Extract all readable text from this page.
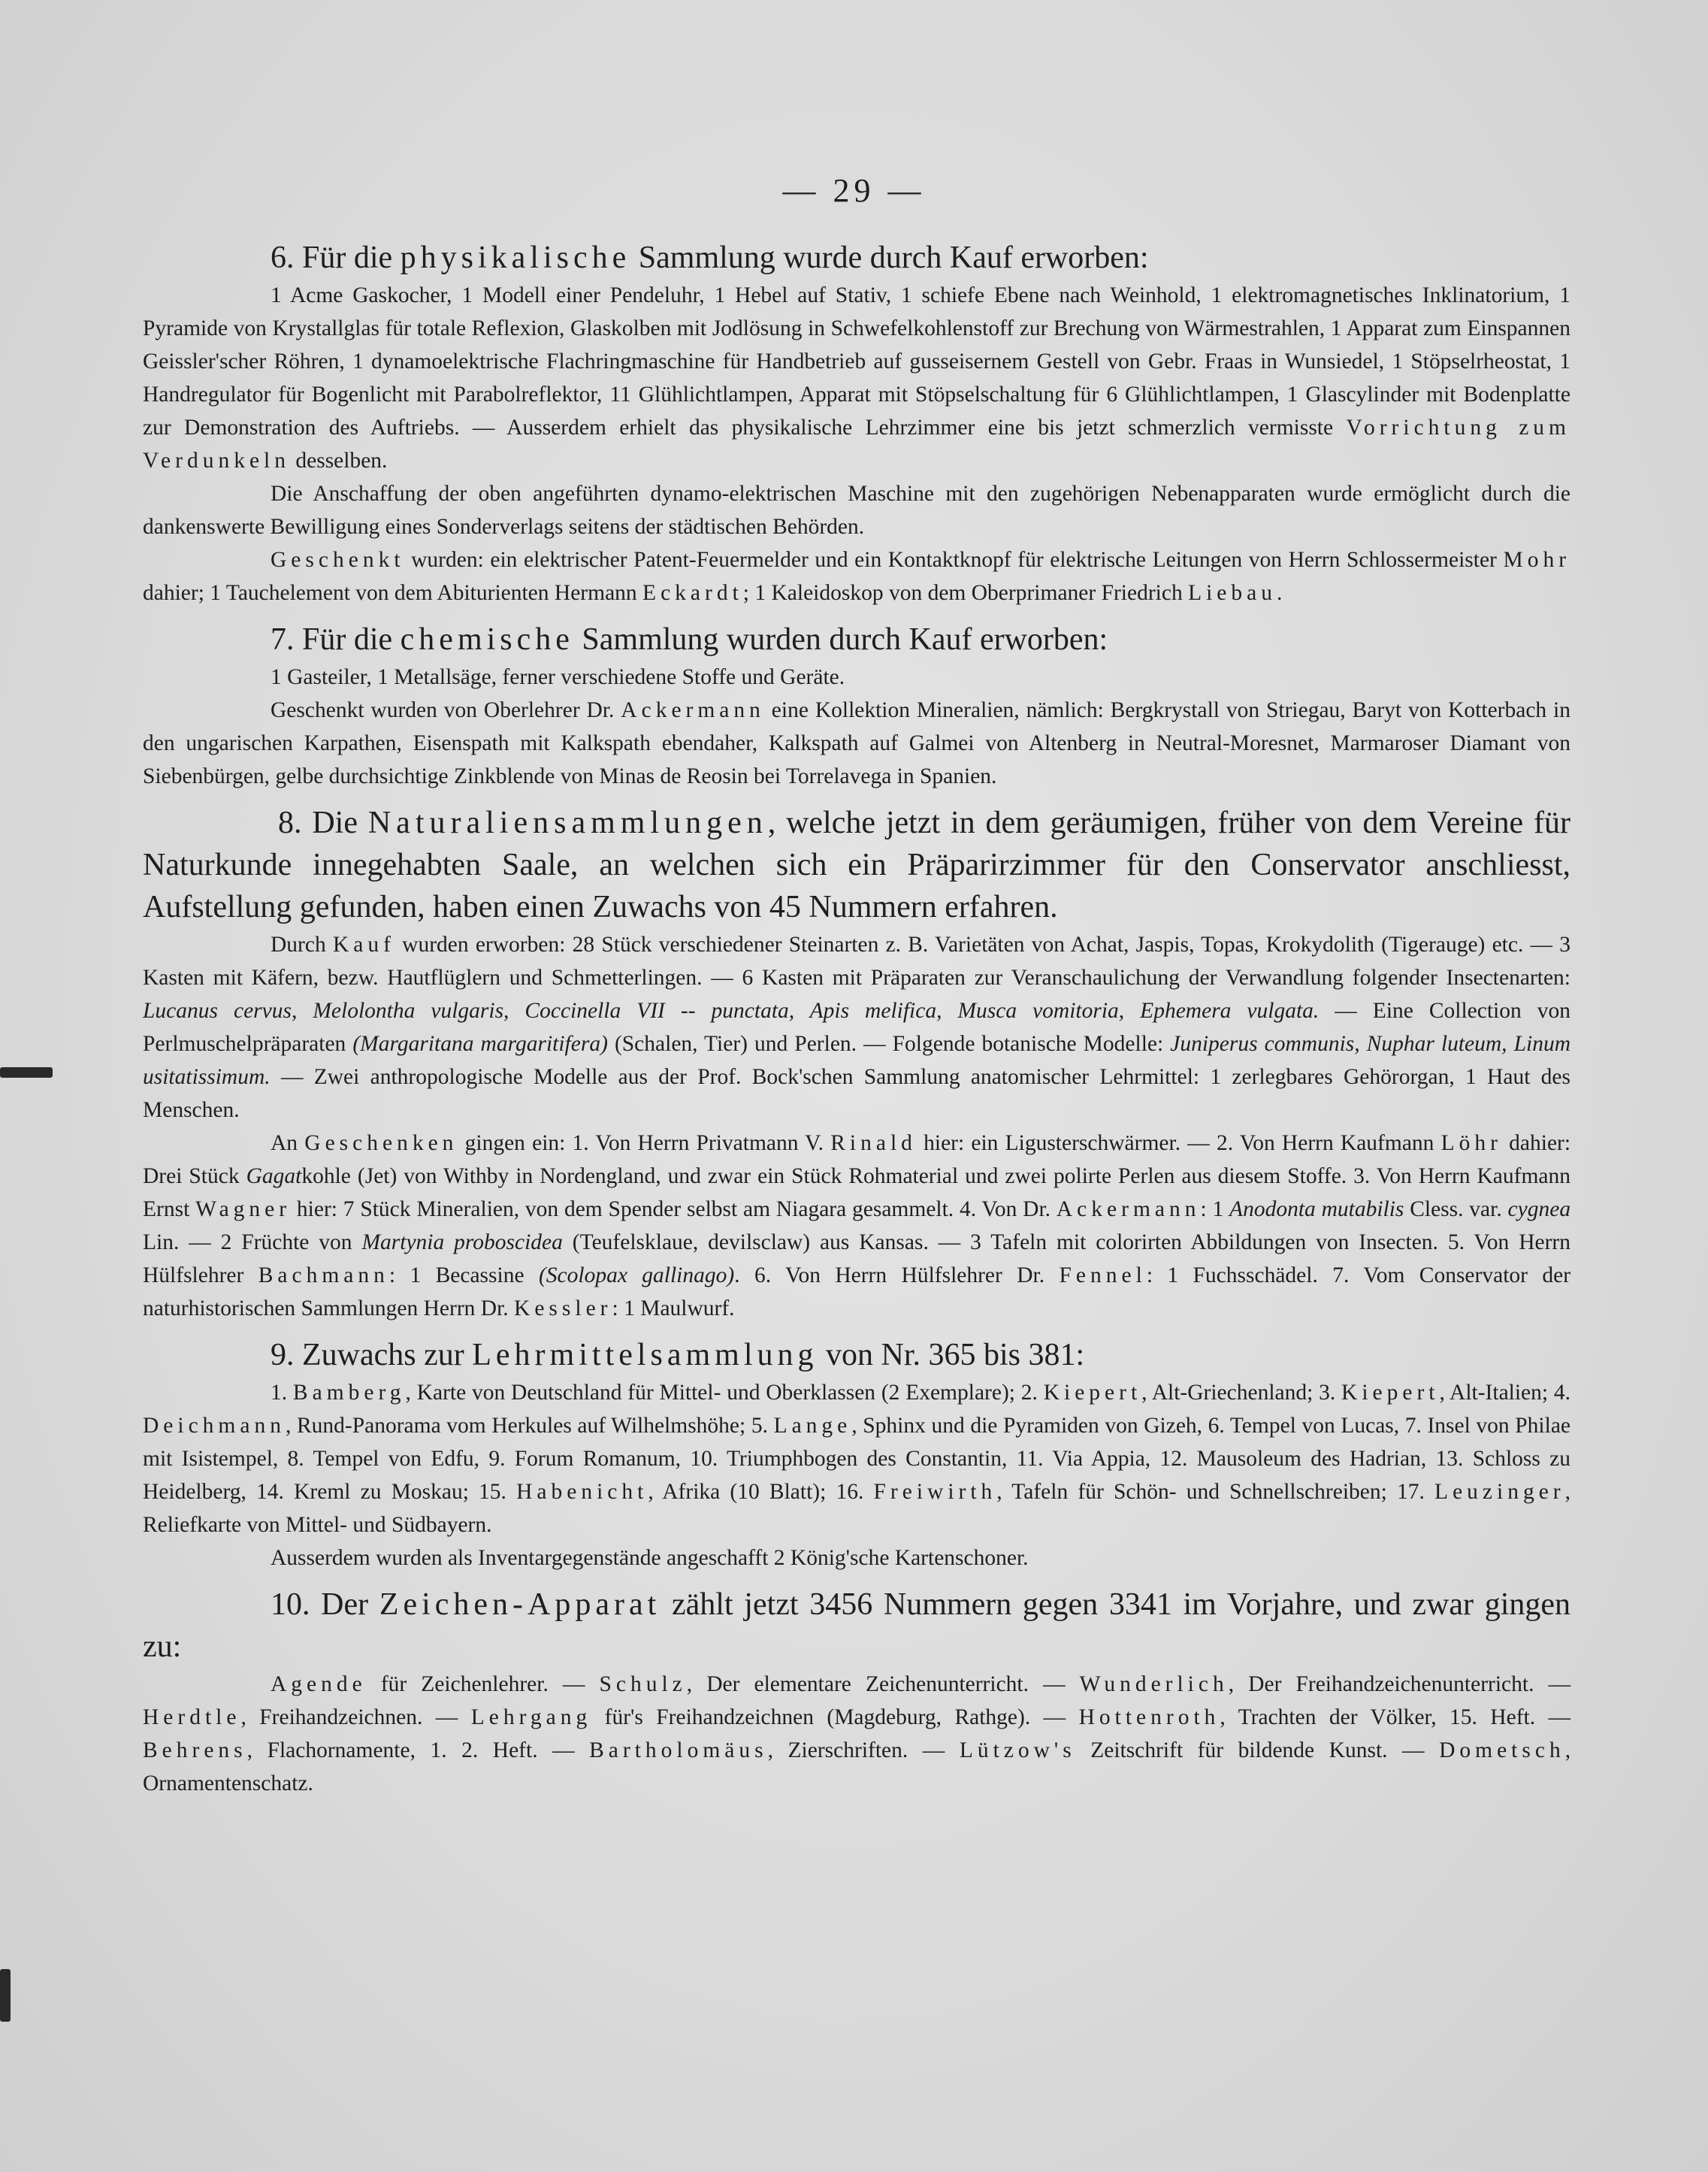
— 29 —

6. Für die physikalische Sammlung wurde durch Kauf erworben:

1 Acme Gaskocher, 1 Modell einer Pendeluhr, 1 Hebel auf Stativ, 1 schiefe Ebene nach Weinhold, 1 elektromagnetisches Inklinatorium, 1 Pyramide von Krystallglas für totale Reflexion, Glaskolben mit Jodlösung in Schwefelkohlenstoff zur Brechung von Wärmestrahlen, 1 Apparat zum Einspannen Geissler'scher Röhren, 1 dynamoelektrische Flachringmaschine für Handbetrieb auf gusseisernem Gestell von Gebr. Fraas in Wunsiedel, 1 Stöpselrheostat, 1 Handregulator für Bogenlicht mit Parabolreflektor, 11 Glühlichtlampen, Apparat mit Stöpselschaltung für 6 Glühlichtlampen, 1 Glascylinder mit Bodenplatte zur Demonstration des Auftriebs. — Ausserdem erhielt das physikalische Lehrzimmer eine bis jetzt schmerzlich vermisste Vorrichtung zum Verdunkeln desselben.

Die Anschaffung der oben angeführten dynamo-elektrischen Maschine mit den zugehörigen Nebenapparaten wurde ermöglicht durch die dankenswerte Bewilligung eines Sonderverlags seitens der städtischen Behörden.

Geschenkt wurden: ein elektrischer Patent-Feuermelder und ein Kontaktknopf für elektrische Leitungen von Herrn Schlossermeister Mohr dahier; 1 Tauchelement von dem Abiturienten Hermann Eckardt; 1 Kaleidoskop von dem Oberprimaner Friedrich Liebau.

7. Für die chemische Sammlung wurden durch Kauf erworben:

1 Gasteiler, 1 Metallsäge, ferner verschiedene Stoffe und Geräte.

Geschenkt wurden von Oberlehrer Dr. Ackermann eine Kollektion Mineralien, nämlich: Bergkrystall von Striegau, Baryt von Kotterbach in den ungarischen Karpathen, Eisenspath mit Kalkspath ebendaher, Kalkspath auf Galmei von Altenberg in Neutral-Moresnet, Marmaroser Diamant von Siebenbürgen, gelbe durchsichtige Zinkblende von Minas de Reosin bei Torrelavega in Spanien.

8. Die Naturaliensammlungen, welche jetzt in dem geräumigen, früher von dem Vereine für Naturkunde innegehabten Saale, an welchen sich ein Präparirzimmer für den Conservator anschliesst, Aufstellung gefunden, haben einen Zuwachs von 45 Nummern erfahren.

Durch Kauf wurden erworben: 28 Stück verschiedener Steinarten z. B. Varietäten von Achat, Jaspis, Topas, Krokydolith (Tigerauge) etc. — 3 Kasten mit Käfern, bezw. Hautflüglern und Schmetterlingen. — 6 Kasten mit Präparaten zur Veranschaulichung der Verwandlung folgender Insectenarten: Lucanus cervus, Melolontha vulgaris, Coccinella VII -- punctata, Apis melifica, Musca vomitoria, Ephemera vulgata. — Eine Collection von Perlmuschelpräparaten (Margaritana margaritifera) (Schalen, Tier) und Perlen. — Folgende botanische Modelle: Juniperus communis, Nuphar luteum, Linum usitatissimum. — Zwei anthropologische Modelle aus der Prof. Bock'schen Sammlung anatomischer Lehrmittel: 1 zerlegbares Gehörorgan, 1 Haut des Menschen.

An Geschenken gingen ein: 1. Von Herrn Privatmann V. Rinald hier: ein Ligusterschwärmer. — 2. Von Herrn Kaufmann Löhr dahier: Drei Stück Gagatkohle (Jet) von Withby in Nordengland, und zwar ein Stück Rohmaterial und zwei polirte Perlen aus diesem Stoffe. 3. Von Herrn Kaufmann Ernst Wagner hier: 7 Stück Mineralien, von dem Spender selbst am Niagara gesammelt. 4. Von Dr. Ackermann: 1 Anodonta mutabilis Cless. var. cygnea Lin. — 2 Früchte von Martynia proboscidea (Teufelsklaue, devilsclaw) aus Kansas. — 3 Tafeln mit colorirten Abbildungen von Insecten. 5. Von Herrn Hülfslehrer Bachmann: 1 Becassine (Scolopax gallinago). 6. Von Herrn Hülfslehrer Dr. Fennel: 1 Fuchsschädel. 7. Vom Conservator der naturhistorischen Sammlungen Herrn Dr. Kessler: 1 Maulwurf.

9. Zuwachs zur Lehrmittelsammlung von Nr. 365 bis 381:

1. Bamberg, Karte von Deutschland für Mittel- und Oberklassen (2 Exemplare); 2. Kiepert, Alt-Griechenland; 3. Kiepert, Alt-Italien; 4. Deichmann, Rund-Panorama vom Herkules auf Wilhelmshöhe; 5. Lange, Sphinx und die Pyramiden von Gizeh, 6. Tempel von Lucas, 7. Insel von Philae mit Isistempel, 8. Tempel von Edfu, 9. Forum Romanum, 10. Triumphbogen des Constantin, 11. Via Appia, 12. Mausoleum des Hadrian, 13. Schloss zu Heidelberg, 14. Kreml zu Moskau; 15. Habenicht, Afrika (10 Blatt); 16. Freiwirth, Tafeln für Schön- und Schnellschreiben; 17. Leuzinger, Reliefkarte von Mittel- und Südbayern.

Ausserdem wurden als Inventargegenstände angeschafft 2 König'sche Kartenschoner.

10. Der Zeichen-Apparat zählt jetzt 3456 Nummern gegen 3341 im Vorjahre, und zwar gingen zu:

Agende für Zeichenlehrer. — Schulz, Der elementare Zeichenunterricht. — Wunderlich, Der Freihandzeichenunterricht. — Herdtle, Freihandzeichnen. — Lehrgang für's Freihandzeichnen (Magdeburg, Rathge). — Hottenroth, Trachten der Völker, 15. Heft. — Behrens, Flachornamente, 1. 2. Heft. — Bartholomäus, Zierschriften. — Lützow's Zeitschrift für bildende Kunst. — Dometsch, Ornamentenschatz.
